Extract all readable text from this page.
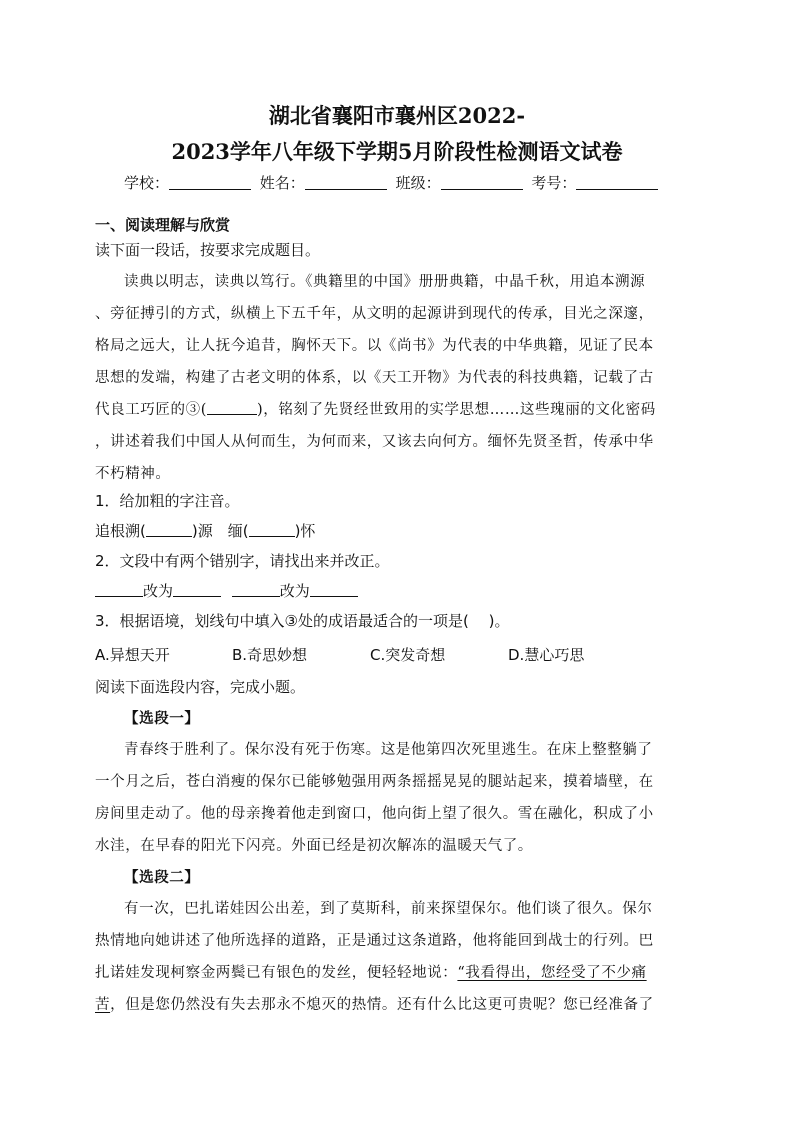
湖北省襄阳市襄州区2022-
2023学年八年级下学期5月阶段性检测语文试卷
学校：	姓名：	班级：	考号：
一、阅读理解与欣赏
读下面一段话，按要求完成题目。
读典以明志，读典以笃行。《典籍里的中国》册册典籍，中晶千秋，用追本溯源
、旁征搏引的方式，纵横上下五千年，从文明的起源讲到现代的传承，目光之深邃，
格局之远大，让人抚今追昔，胸怀天下。以《尚书》为代表的中华典籍，见证了民本
思想的发端，构建了古老文明的体系，以《天工开物》为代表的科技典籍，记载了古
代良工巧匠的③(	)，铭刻了先贤经世致用的实学思想……这些瑰丽的文化密码
，讲述着我们中国人从何而生，为何而来，又该去向何方。缅怀先贤圣哲，传承中华
不朽精神。
1．给加粗的字注音。
追根溯(	)源　缅(	)怀
2．文段中有两个错别字，请找出来并改正。
改为	改为
3．根据语境，划线句中填入③处的成语最适合的一项是(　 )。
A.异想天开	B.奇思妙想	C.突发奇想	D.慧心巧思
阅读下面选段内容，完成小题。
【选段一】
青春终于胜利了。保尔没有死于伤寒。这是他第四次死里逃生。在床上整整躺了
一个月之后，苍白消瘦的保尔已能够勉强用两条摇摇晃晃的腿站起来，摸着墙壁，在
房间里走动了。他的母亲搀着他走到窗口，他向街上望了很久。雪在融化，积成了小
水洼，在早春的阳光下闪亮。外面已经是初次解冻的温暖天气了。
【选段二】
有一次，巴扎诺娃因公出差，到了莫斯科，前来探望保尔。他们谈了很久。保尔
热情地向她讲述了他所选择的道路，正是通过这条道路，他将能回到战士的行列。巴
扎诺娃发现柯察金两鬓已有银色的发丝，便轻轻地说：“我看得出，您经受了不少痛
苦，但是您仍然没有失去那永不熄灭的热情。还有什么比这更可贵呢？您已经准备了
